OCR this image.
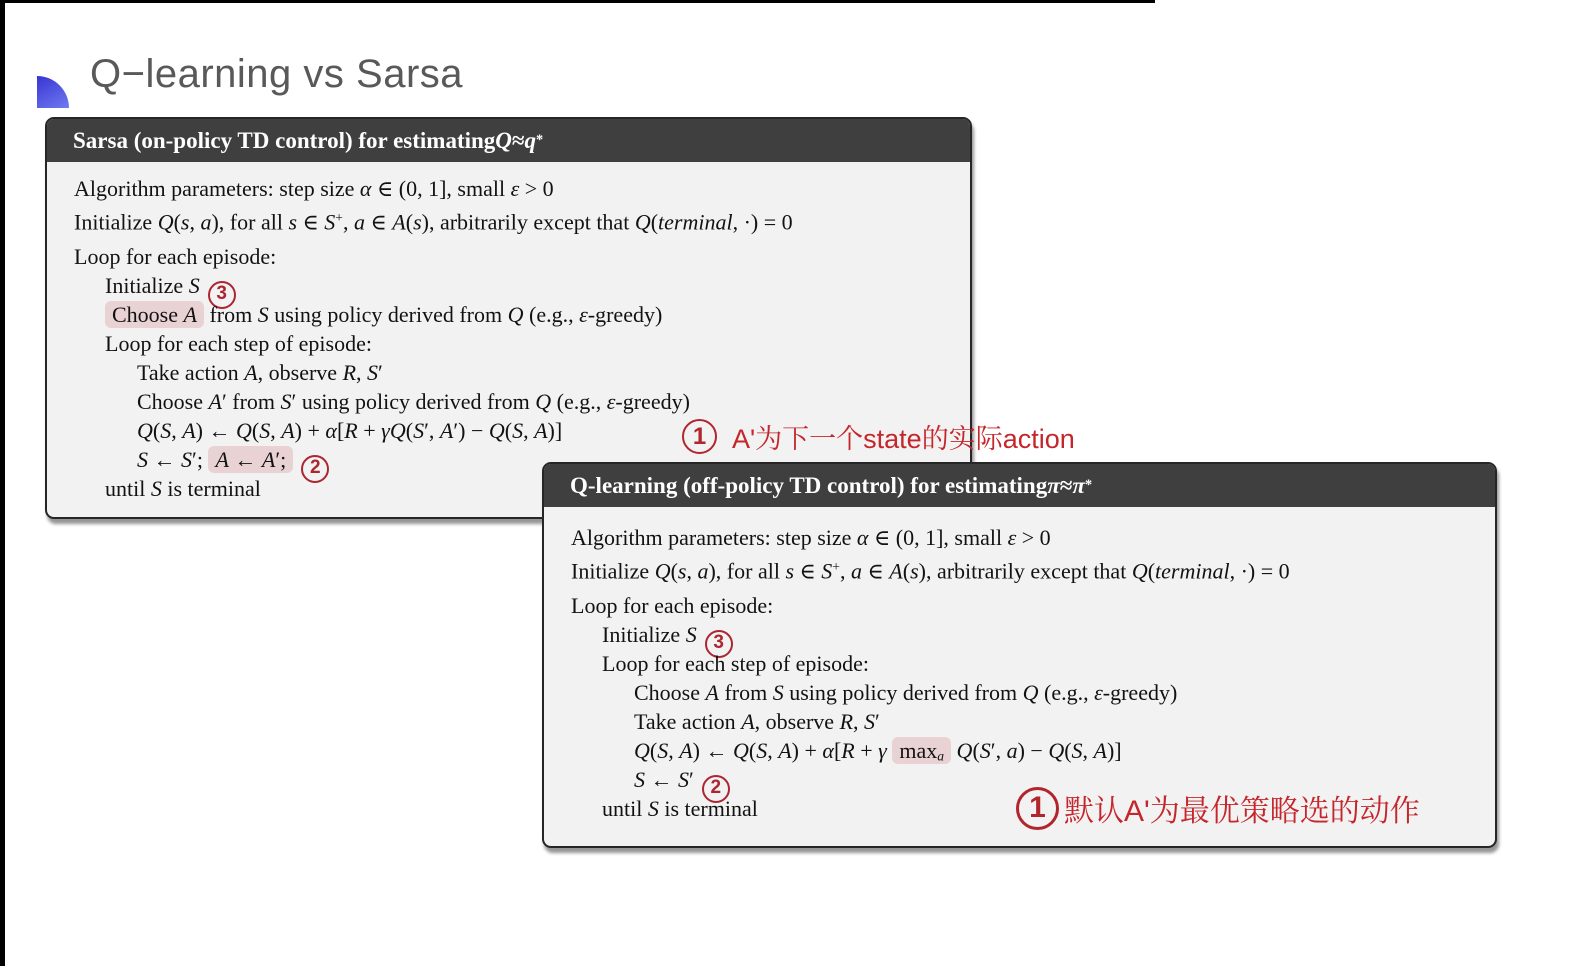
Q−learning vs Sarsa
Sarsa (on-policy TD control) for estimating Q ≈ q *
Algorithm parameters: step size α ∈ (0, 1], small ε > 0
Initialize Q(s, a), for all s ∈ S+, a ∈ A(s), arbitrarily except that Q(terminal, ·) = 0
Loop for each episode:
Initialize S 3
Choose A from S using policy derived from Q (e.g., ε-greedy)
Loop for each step of episode:
Take action A, observe R, S′
Choose A′ from S′ using policy derived from Q (e.g., ε-greedy)
Q(S, A) ← Q(S, A) + α[R + γQ(S′, A′) − Q(S, A)]
S ← S′; A ← A′; 2
until S is terminal	Q-learning (off-policy TD control) for estimating π ≈ π *
Algorithm parameters: step size α ∈ (0, 1], small ε > 0
Initialize Q(s, a), for all s ∈ S+, a ∈ A(s), arbitrarily except that Q(terminal, ·) = 0
Loop for each episode:
Initialize S 3
Loop for each step of episode:
Choose A from S using policy derived from Q (e.g., ε-greedy)
Take action A, observe R, S′
Q(S, A) ← Q(S, A) + α[R + γ maxa Q(S′, a) − Q(S, A)]
S ← S′ 2
until S is terminal
1 A'为下一个state的实际action
1 默认A'为最优策略选的动作
